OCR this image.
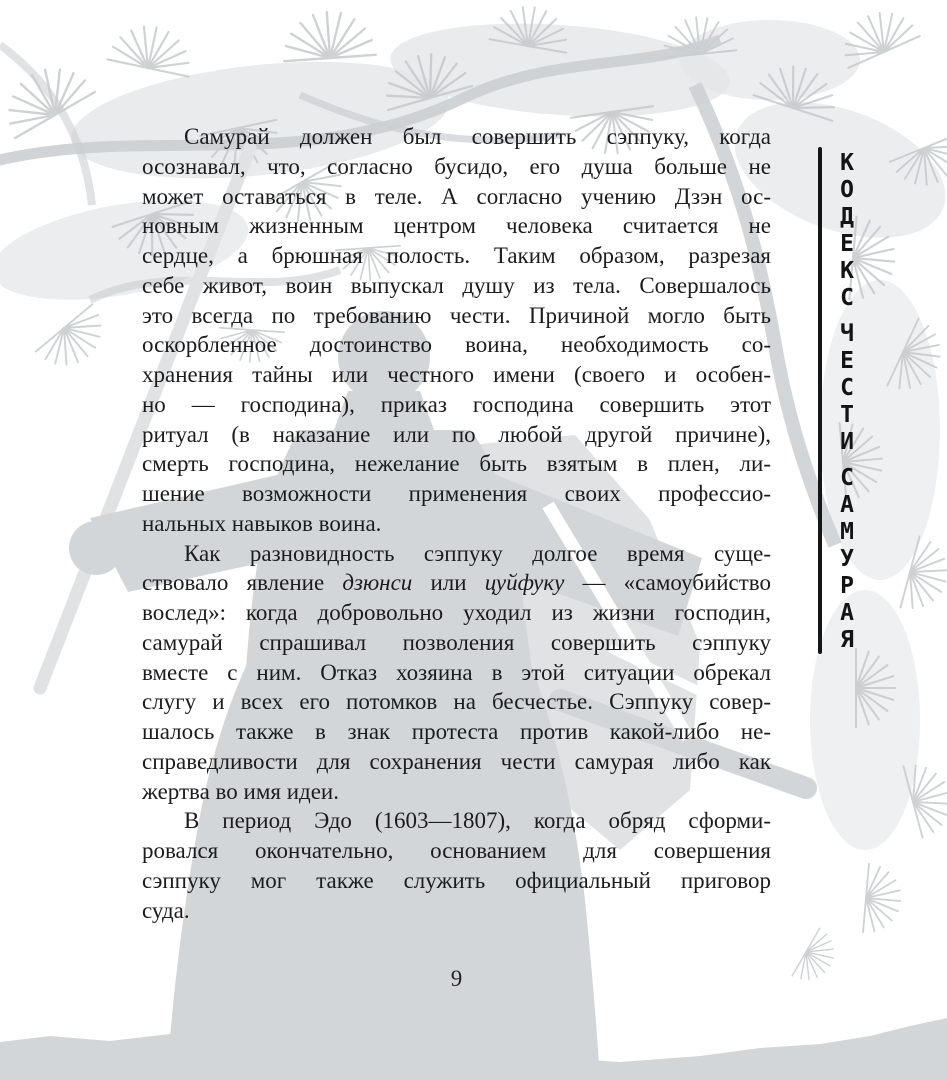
Самурай должен был совершить сэппуку, когда
осознавал, что, согласно бусидо, его душа больше не
может оставаться в теле. А согласно учению Дзэн ос-
новным жизненным центром человека считается не
сердце, а брюшная полость. Таким образом, разрезая
себе живот, воин выпускал душу из тела. Совершалось
это всегда по требованию чести. Причиной могло быть
оскорбленное достоинство воина, необходимость со-
хранения тайны или честного имени (своего и особен-
но — господина), приказ господина совершить этот
ритуал (в наказание или по любой другой причине),
смерть господина, нежелание быть взятым в плен, ли-
шение возможности применения своих профессио-
нальных навыков воина.
Как разновидность сэппуку долгое время суще-
ствовало явление дзюнси или цуйфуку — «самоубийство
вослед»: когда добровольно уходил из жизни господин,
самурай спрашивал позволения совершить сэппуку
вместе с ним. Отказ хозяина в этой ситуации обрекал
слугу и всех его потомков на бесчестье. Сэппуку совер-
шалось также в знак протеста против какой-либо не-
справедливости для сохранения чести самурая либо как
жертва во имя идеи.
В период Эдо (1603—1807), когда обряд сформи-
ровался окончательно, основанием для совершения
сэппуку мог также служить официальный приговор
суда.
К
О
Д
Е
К
С
Ч
Е
С
Т
И
С
А
М
У
Р
А
Я
9
